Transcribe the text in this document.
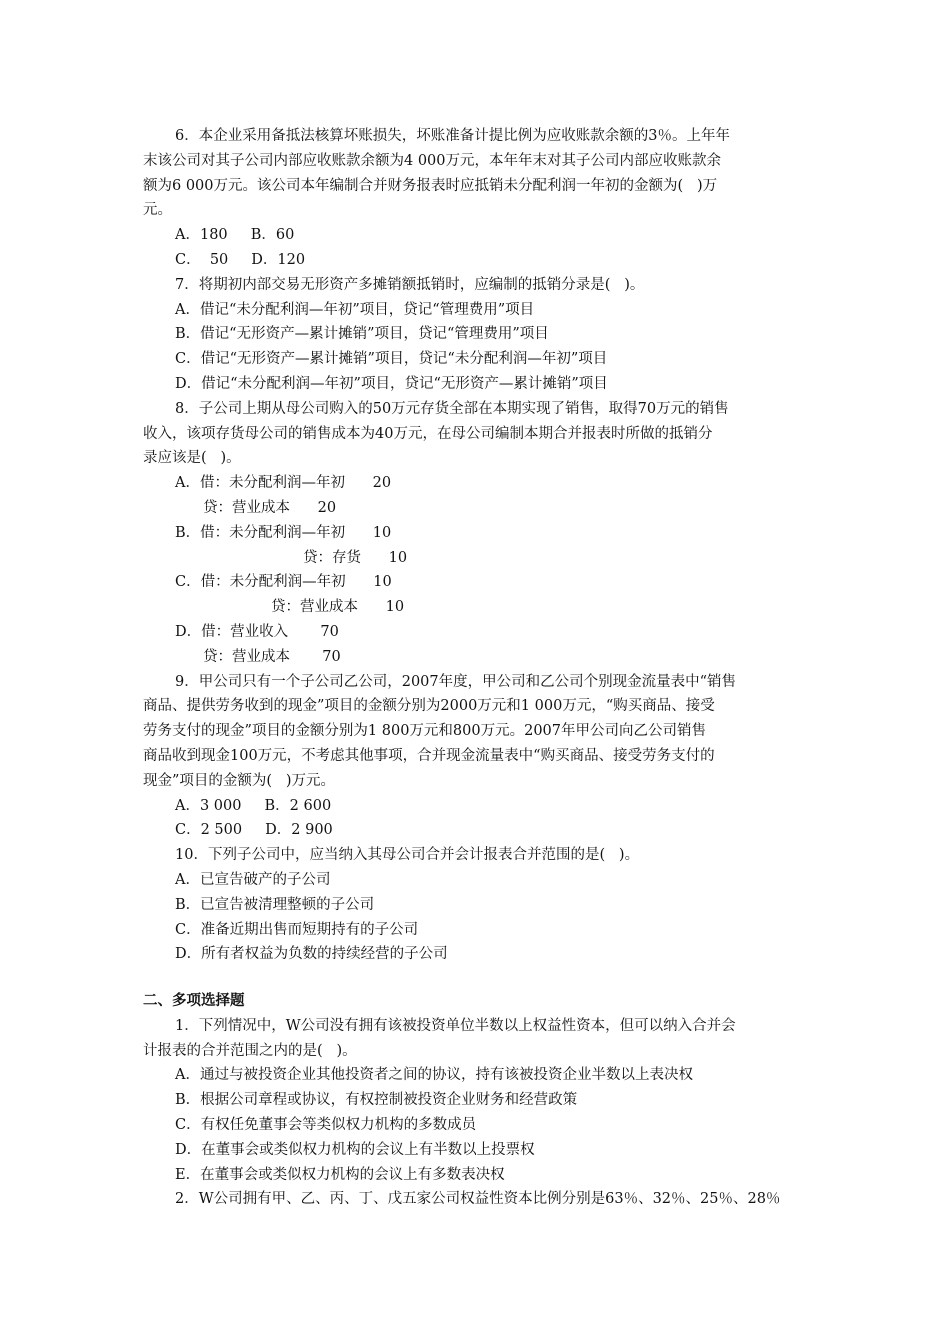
6．本企业采用备抵法核算坏账损失，坏账准备计提比例为应收账款余额的3％。上年年
末该公司对其子公司内部应收账款余额为4 000万元，本年年末对其子公司内部应收账款余
额为6 000万元。该公司本年编制合并财务报表时应抵销未分配利润一年初的金额为(   )万
元。
A．180     B．60
C．  50     D．120
7．将期初内部交易无形资产多摊销额抵销时，应编制的抵销分录是(   )。
A．借记“未分配利润—年初”项目，贷记“管理费用”项目
B．借记“无形资产—累计摊销”项目，贷记“管理费用”项目
C．借记“无形资产—累计摊销”项目，贷记“未分配利润—年初”项目
D．借记“未分配利润—年初”项目，贷记“无形资产—累计摊销”项目
8．子公司上期从母公司购入的50万元存货全部在本期实现了销售，取得70万元的销售
收入，该项存货母公司的销售成本为40万元，在母公司编制本期合并报表时所做的抵销分
录应该是(   )。
A．借：未分配利润—年初      20
贷：营业成本      20
B．借：未分配利润—年初      10
贷：存货      10
C．借：未分配利润—年初      10
贷：营业成本      10
D．借：营业收入       70
贷：营业成本       70
9．甲公司只有一个子公司乙公司，2007年度，甲公司和乙公司个别现金流量表中“销售
商品、提供劳务收到的现金”项目的金额分别为2000万元和1 000万元，“购买商品、接受
劳务支付的现金”项目的金额分别为1 800万元和800万元。2007年甲公司向乙公司销售
商品收到现金100万元，不考虑其他事项，合并现金流量表中“购买商品、接受劳务支付的
现金”项目的金额为(   )万元。
A．3 000     B．2 600
C．2 500     D．2 900
10．下列子公司中，应当纳入其母公司合并会计报表合并范围的是(   )。
A．已宣告破产的子公司
B．已宣告被清理整顿的子公司
C．准备近期出售而短期持有的子公司
D．所有者权益为负数的持续经营的子公司
二、多项选择题
1．下列情况中，W公司没有拥有该被投资单位半数以上权益性资本，但可以纳入合并会
计报表的合并范围之内的是(   )。
A．通过与被投资企业其他投资者之间的协议，持有该被投资企业半数以上表决权
B．根据公司章程或协议，有权控制被投资企业财务和经营政策
C．有权任免董事会等类似权力机构的多数成员
D．在董事会或类似权力机构的会议上有半数以上投票权
E．在董事会或类似权力机构的会议上有多数表决权
2．W公司拥有甲、乙、丙、丁、戊五家公司权益性资本比例分别是63％、32％、25％、28％
